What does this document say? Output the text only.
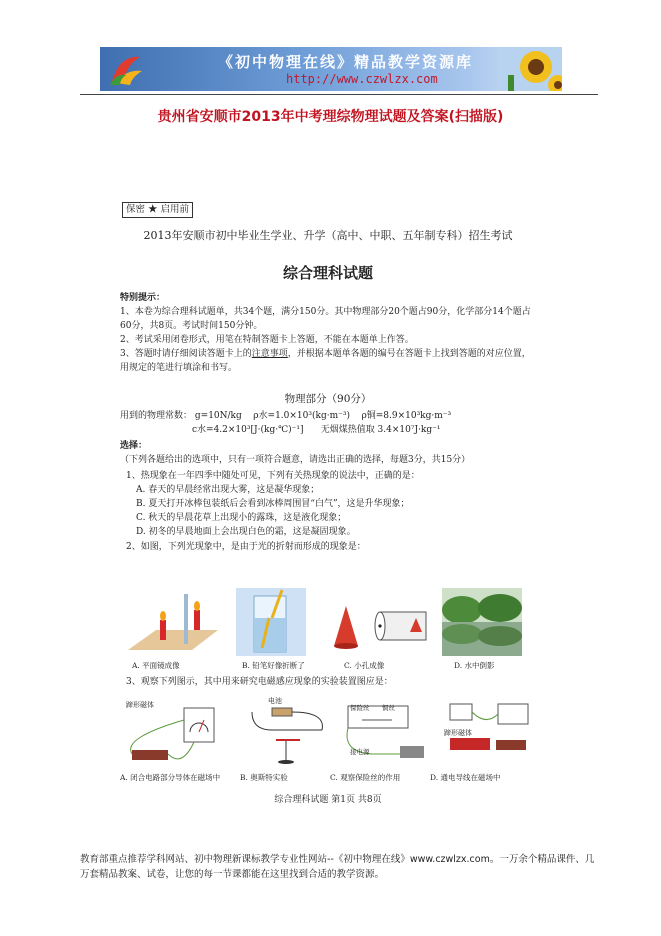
《初中物理在线》精品教学资源库
http://www.czwlzx.com
贵州省安顺市2013年中考理综物理试题及答案(扫描版)
保密 ★ 启用前
2013年安顺市初中毕业生学业、升学（高中、中职、五年制专科）招生考试
综合理科试题
特别提示：
1、本卷为综合理科试题单，共34个题，满分150分。其中物理部分20个题占90分，化学部分14个题占60分，共8页。考试时间150分钟。
2、考试采用闭卷形式，用笔在特制答题卡上答题，不能在本题单上作答。
3、答题时请仔细阅读答题卡上的注意事项，并根据本题单各题的编号在答题卡上找到答题的对应位置，用规定的笔进行填涂和书写。
物理部分（90分）
用到的物理常数： g=10N/kg ρ水=1.0×10³(kg·m⁻³) ρ铜=8.9×10³kg·m⁻³
c水=4.2×10³[J·(kg·℃)⁻¹] 无烟煤热值取 3.4×10⁷J·kg⁻¹
选择：
（下列各题给出的选项中，只有一项符合题意，请选出正确的选择，每题3分，共15分）
1、热现象在一年四季中随处可见，下列有关热现象的说法中，正确的是：
A. 春天的早晨经常出现大雾，这是凝华现象；
B. 夏天打开冰棒包装纸后会看到冰棒周围冒“白气”，这是升华现象；
C. 秋天的早晨花草上出现小的露珠，这是液化现象；
D. 初冬的早晨地面上会出现白色的霜，这是凝固现象。
2、如图，下列光现象中，是由于光的折射而形成的现象是：
A. 平面镜成像	B. 铅笔好像折断了	C. 小孔成像	D. 水中倒影
3、观察下列图示，其中用来研究电磁感应现象的实验装置图应是：
蹄形磁体	电池
保险丝 铜丝
接电源
蹄形磁体
A. 闭合电路部分导体在磁场中	B. 奥斯特实验	C. 观察保险丝的作用	D. 通电导线在磁场中
综合理科试题 第1页 共8页
教育部重点推荐学科网站、初中物理新课标教学专业性网站--《初中物理在线》www.czwlzx.com。一万余个精品课件、几万套精品教案、试卷，让您的每一节课都能在这里找到合适的教学资源。
